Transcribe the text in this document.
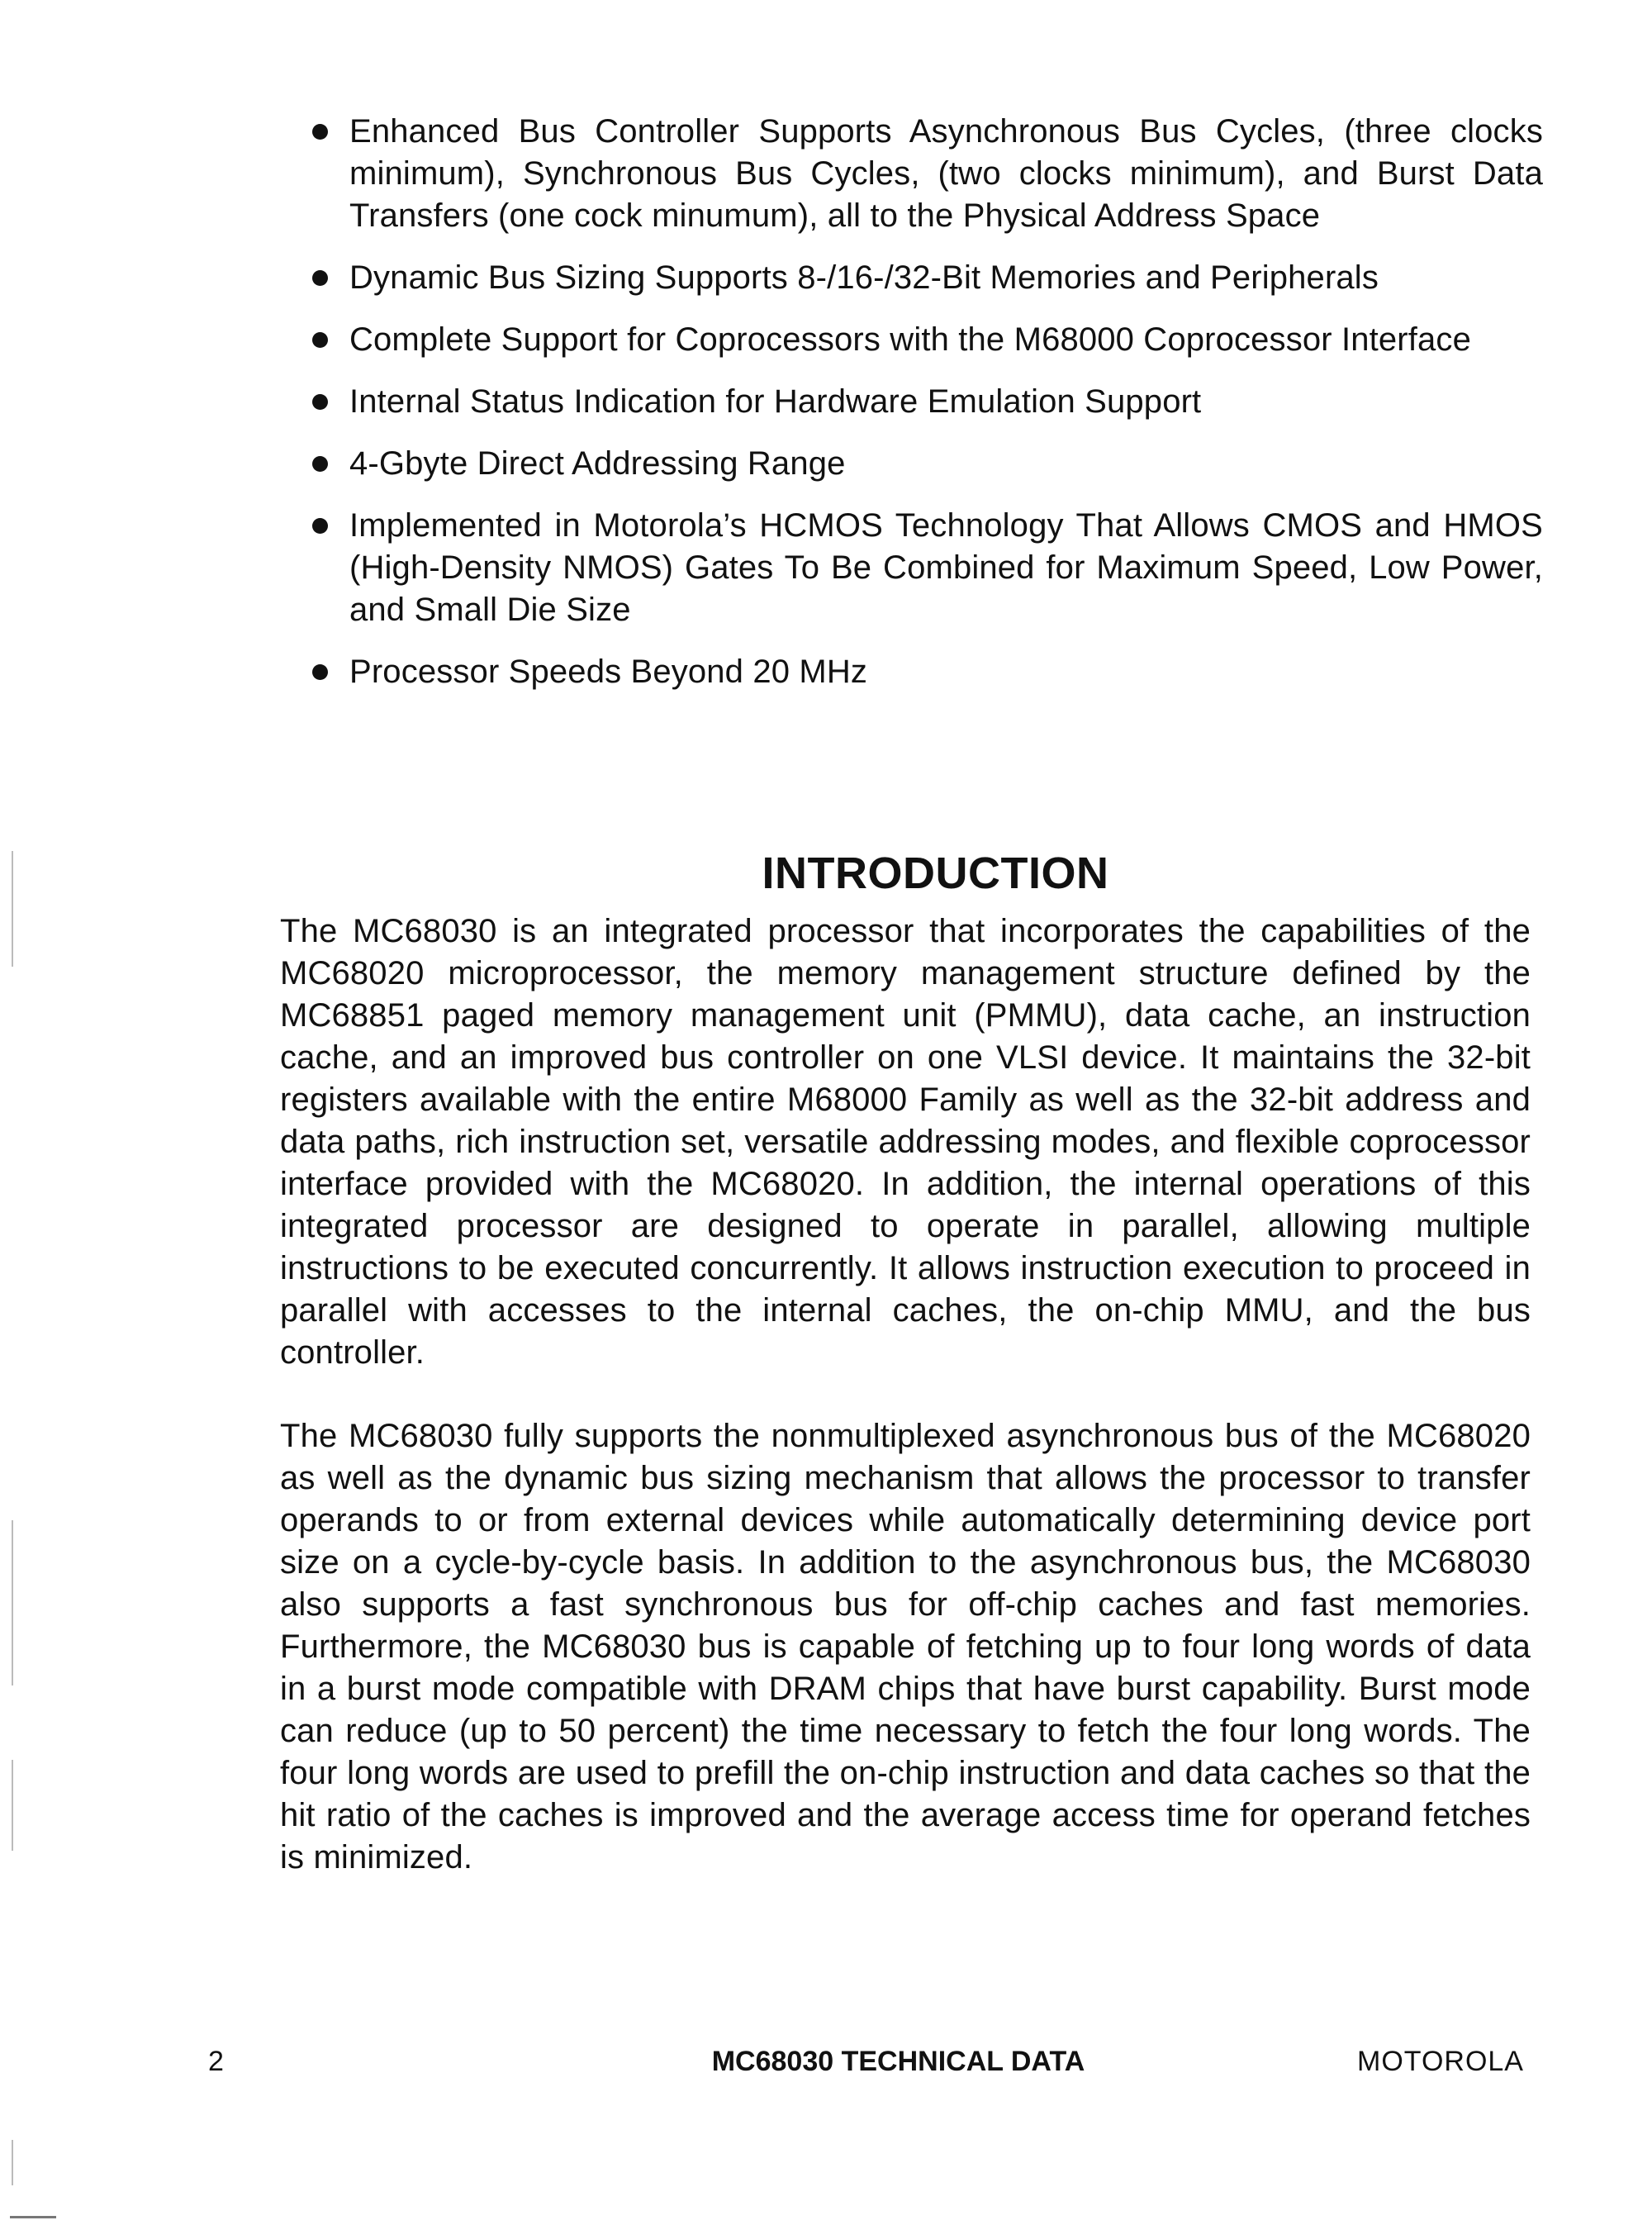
Enhanced Bus Controller Supports Asynchronous Bus Cycles, (three clocks minimum), Synchronous Bus Cycles, (two clocks minimum), and Burst Data Transfers (one cock minumum), all to the Physical Address Space
Dynamic Bus Sizing Supports 8-/16-/32-Bit Memories and Peripherals
Complete Support for Coprocessors with the M68000 Coprocessor Interface
Internal Status Indication for Hardware Emulation Support
4-Gbyte Direct Addressing Range
Implemented in Motorola’s HCMOS Technology That Allows CMOS and HMOS (High-Density NMOS) Gates To Be Combined for Maximum Speed, Low Power, and Small Die Size
Processor Speeds Beyond 20 MHz
INTRODUCTION

The MC68030 is an integrated processor that incorporates the capabilities of the MC68020 microprocessor, the memory management structure defined by the MC68851 paged memory management unit (PMMU), data cache, an instruction cache, and an improved bus controller on one VLSI device. It maintains the 32-bit registers available with the entire M68000 Family as well as the 32-bit address and data paths, rich instruction set, versatile addressing modes, and flexible coprocessor interface provided with the MC68020. In addition, the internal operations of this integrated processor are designed to operate in parallel, allowing multiple instructions to be executed concurrently. It allows instruction execution to proceed in parallel with accesses to the internal caches, the on-chip MMU, and the bus controller.

The MC68030 fully supports the nonmultiplexed asynchronous bus of the MC68020 as well as the dynamic bus sizing mechanism that allows the processor to transfer operands to or from external devices while automatically determining device port size on a cycle-by-cycle basis. In addition to the asynchronous bus, the MC68030 also supports a fast synchronous bus for off-chip caches and fast memories. Furthermore, the MC68030 bus is capable of fetching up to four long words of data in a burst mode compatible with DRAM chips that have burst capability. Burst mode can reduce (up to 50 percent) the time necessary to fetch the four long words. The four long words are used to prefill the on-chip instruction and data caches so that the hit ratio of the caches is improved and the average access time for operand fetches is minimized.

2	MC68030 TECHNICAL DATA	MOTOROLA
